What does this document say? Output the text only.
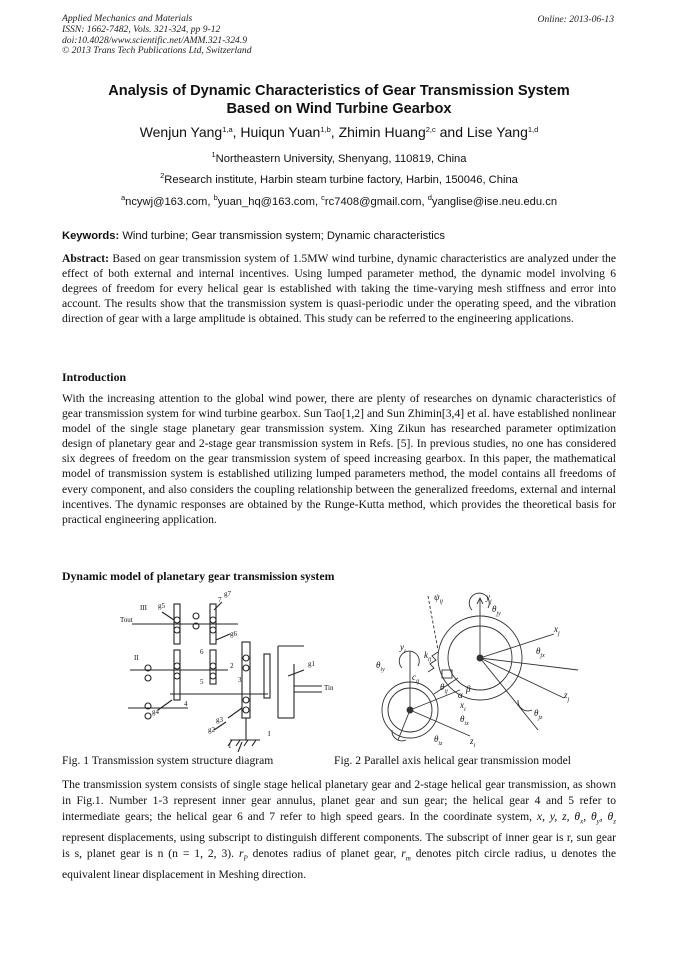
Applied Mechanics and Materials
ISSN: 1662-7482, Vols. 321-324, pp 9-12
doi:10.4028/www.scientific.net/AMM.321-324.9
© 2013 Trans Tech Publications Ltd, Switzerland
Online: 2013-06-13
Analysis of Dynamic Characteristics of Gear Transmission System
Based on Wind Turbine Gearbox
Wenjun Yang$^{1,a}$, Huiqun Yuan$^{1,b}$, Zhimin Huang$^{2,c}$ and Lise Yang$^{1,d}$
$^1$Northeastern University, Shenyang, 110819, China
$^2$Research institute, Harbin steam turbine factory, Harbin, 150046, China
$^a$ncywj@163.com, $^b$yuan_hq@163.com, $^c$rc7408@gmail.com, $^d$yanglise@ise.neu.edu.cn
Keywords: Wind turbine; Gear transmission system; Dynamic characteristics
Abstract: Based on gear transmission system of 1.5MW wind turbine, dynamic characteristics are analyzed under the effect of both external and internal incentives. Using lumped parameter method, the dynamic model involving 6 degrees of freedom for every helical gear is established with taking the time-varying mesh stiffness and error into account. The results show that the transmission system is quasi-periodic under the operating speed, and the vibration direction of gear with a large amplitude is obtained. This study can be referred to the engineering applications.
Introduction
With the increasing attention to the global wind power, there are plenty of researches on dynamic characteristics of gear transmission system for wind turbine gearbox. Sun Tao[1,2] and Sun Zhimin[3,4] et al. have established nonlinear model of the single stage planetary gear transmission system. Xing Zikun has researched parameter optimization design of planetary gear and 2-stage gear transmission system in Refs. [5]. In previous studies, no one has considered six degrees of freedom on the gear transmission system of speed increasing gearbox. In this paper, the mathematical model of transmission system is established utilizing lumped parameters method, the model contains all freedoms of every component, and also considers the coupling relationship between the generalized freedoms, external and internal incentives. The dynamic responses are obtained by the Runge-Kutta method, which provides the theoretical basis for practical engineering application.
Dynamic model of planetary gear transmission system
Tout
Tin
III
II
I
g7
g6
g5
g4
g3
g2
g1
7
6
5
4
3
2
1
$\psi_{ij}$	$y_j$
$\theta_{jy}$
$x_j$
$\theta_{jx}$
$z_j$
$\theta_{jz}$
$y_i$ $k_{ij}$
$\theta_{iy}$
$c_{ij}$
$\theta_{ij}$ α
β
$x_i$
$\theta_{ix}$
$\theta_{iz}$	$z_i$
Fig. 1 Transmission system structure diagram	Fig. 2 Parallel axis helical gear transmission model
The transmission system consists of single stage helical planetary gear and 2-stage helical gear transmission, as shown in Fig.1. Number 1-3 represent inner gear annulus, planet gear and sun gear; the helical gear 4 and 5 refer to intermediate gears; the helical gear 6 and 7 refer to high speed gears. In the coordinate system, x, y, z, $\theta_x$, $\theta_y$, $\theta_z$ represent displacements, using subscript to distinguish different components. The subscript of inner gear is r, sun gear is s, planet gear is n (n = 1, 2, 3). $r_P$ denotes radius of planet gear, $r_m$ denotes pitch circle radius, u denotes the equivalent linear displacement in Meshing direction.
